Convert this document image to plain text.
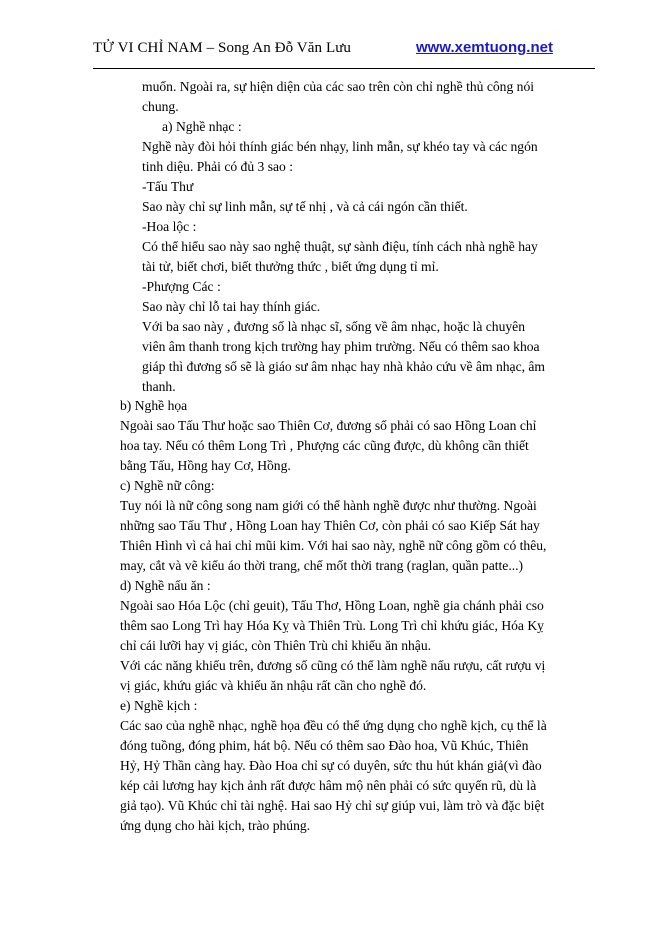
TỬ VI CHỈ NAM – Song An Đỗ Văn Lưu	www.xemtuong.net
muốn. Ngoài ra, sự hiện diện của các sao trên còn chỉ nghề thủ công nói
chung.
a) Nghề nhạc :
Nghề này đòi hỏi thính giác bén nhạy, linh mẫn, sự khéo tay và các ngón
tinh diệu. Phải có đủ 3 sao :
-Tấu Thư
Sao này chỉ sự linh mẫn, sự tế nhị , và cả cái ngón cần thiết.
-Hoa lộc :
Có thể hiểu sao này sao nghệ thuật, sự sành điệu, tính cách nhà nghề hay
tài tử, biết chơi, biết thưởng thức , biết ứng dụng tỉ mỉ.
-Phượng Các :
Sao này chỉ lỗ tai hay thính giác.
Với ba sao này , đương số là nhạc sĩ, sống về âm nhạc, hoặc là chuyên
viên âm thanh trong kịch trường hay phim trường. Nếu có thêm sao khoa
giáp thì đương số sẽ là giáo sư âm nhạc hay nhà khảo cứu về âm nhạc, âm
thanh.
b) Nghề họa
Ngoài sao Tấu Thư hoặc sao Thiên Cơ, đương số phải có sao Hồng Loan chỉ
hoa tay. Nếu có thêm Long Trì , Phượng các cũng được, dù không cần thiết
bằng Tấu, Hồng hay Cơ, Hồng.
c) Nghề nữ công:
Tuy nói là nữ công song nam giới có thể hành nghề được như thường. Ngoài
những sao Tấu Thư , Hồng Loan hay Thiên Cơ, còn phải có sao Kiếp Sát hay
Thiên Hình vì cả hai chỉ mũi kim. Với hai sao này, nghề nữ công gồm có thêu,
may, cắt và vẽ kiểu áo thời trang, chế mốt thời trang (raglan, quần patte...)
d) Nghề nấu ăn :
Ngoài sao Hóa Lộc (chỉ geuit), Tấu Thơ, Hồng Loan, nghề gia chánh phải cso
thêm sao Long Trì hay Hóa Kỵ và Thiên Trù. Long Trì chỉ khứu giác, Hóa Kỵ
chỉ cái lưỡi hay vị giác, còn Thiên Trù chỉ khiếu ăn nhậu.
Với các năng khiếu trên, đương số cũng có thể làm nghề nấu rượu, cất rượu vị
vị giác, khứu giác và khiếu ăn nhậu rất cần cho nghề đó.
e) Nghề kịch :
Các sao của nghề nhạc, nghề họa đều có thể ứng dụng cho nghề kịch, cụ thể là
đóng tuồng, đóng phim, hát bộ. Nếu có thêm sao Đào hoa, Vũ Khúc, Thiên
Hỷ, Hỷ Thần càng hay. Đào Hoa chỉ sự có duyên, sức thu hút khán giả(vì đào
kép cải lương hay kịch ảnh rất được hâm mộ nên phải có sức quyến rũ, dù là
giả tạo). Vũ Khúc chỉ tài nghệ. Hai sao Hỷ chỉ sự giúp vui, làm trò và đặc biệt
ứng dụng cho hài kịch, trào phúng.
